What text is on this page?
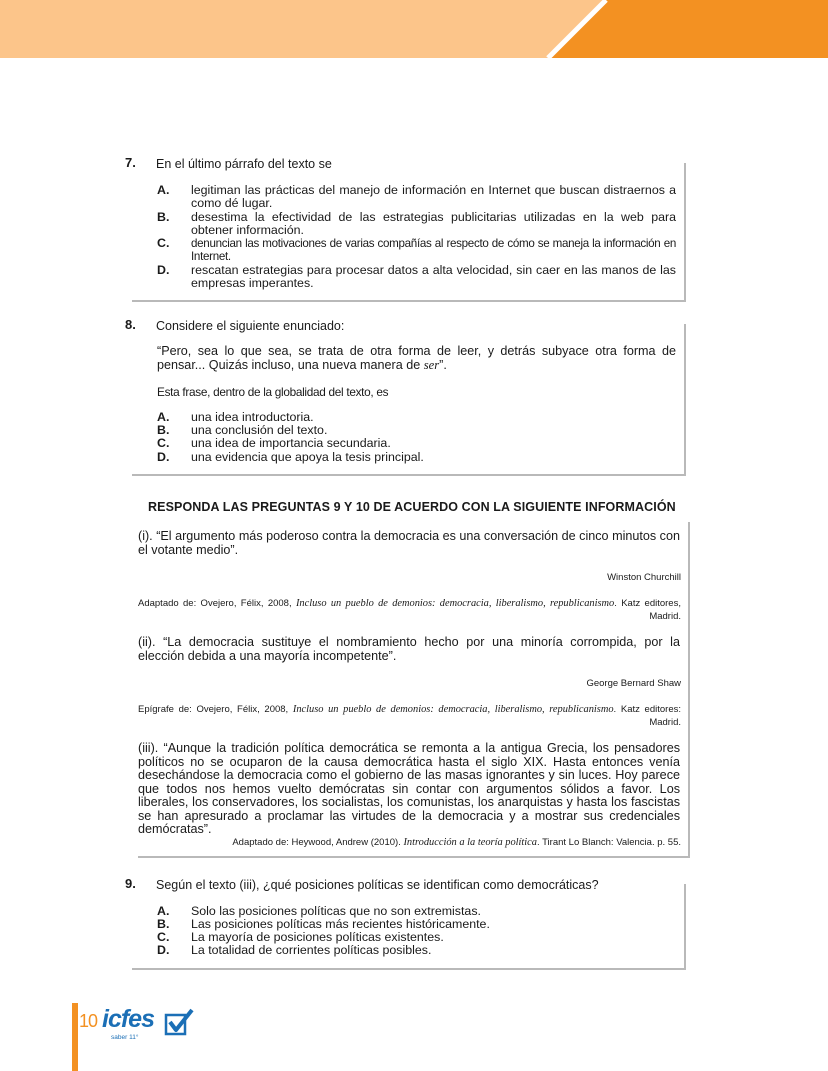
7. En el último párrafo del texto se
A.	legitiman las prácticas del manejo de información en Internet que buscan distraernos a como dé lugar.
B.	desestima la efectividad de las estrategias publicitarias utilizadas en la web para obtener información.
C.	denuncian las motivaciones de varias compañías al respecto de cómo se maneja la información en Internet.
D.	rescatan estrategias para procesar datos a alta velocidad, sin caer en las manos de las empresas imperantes.
8. Considere el siguiente enunciado:
“Pero, sea lo que sea, se trata de otra forma de leer, y detrás subyace otra forma de pensar... Quizás incluso, una nueva manera de ser”.
Esta frase, dentro de la globalidad del texto, es
A.	una idea introductoria.
B.	una conclusión del texto.
C.	una idea de importancia secundaria.
D.	una evidencia que apoya la tesis principal.
RESPONDA LAS PREGUNTAS 9 Y 10 DE ACUERDO CON LA SIGUIENTE INFORMACIÓN
(i). “El argumento más poderoso contra la democracia es una conversación de cinco minutos con el votante medio”.
Winston Churchill
Adaptado de: Ovejero, Félix, 2008, Incluso un pueblo de demonios: democracia, liberalismo, republicanismo. Katz editores, Madrid.
(ii). “La democracia sustituye el nombramiento hecho por una minoría corrompida, por la elección debida a una mayoría incompetente”.
George Bernard Shaw
Epígrafe de: Ovejero, Félix, 2008, Incluso un pueblo de demonios: democracia, liberalismo, republicanismo. Katz editores: Madrid.
(iii). “Aunque la tradición política democrática se remonta a la antigua Grecia, los pensadores políticos no se ocuparon de la causa democrática hasta el siglo XIX. Hasta entonces venía desechándose la democracia como el gobierno de las masas ignorantes y sin luces. Hoy parece que todos nos hemos vuelto demócratas sin contar con argumentos sólidos a favor. Los liberales, los conservadores, los socialistas, los comunistas, los anarquistas y hasta los fascistas se han apresurado a proclamar las virtudes de la democracia y a mostrar sus credenciales demócratas”.
Adaptado de: Heywood, Andrew (2010). Introducción a la teoría política. Tirant Lo Blanch: Valencia. p. 55.
9. Según el texto (iii), ¿qué posiciones políticas se identifican como democráticas?
A.	Solo las posiciones políticas que no son extremistas.
B.	Las posiciones políticas más recientes históricamente.
C.	La mayoría de posiciones políticas existentes.
D.	La totalidad de corrientes políticas posibles.
10 icfes
saber 11°
